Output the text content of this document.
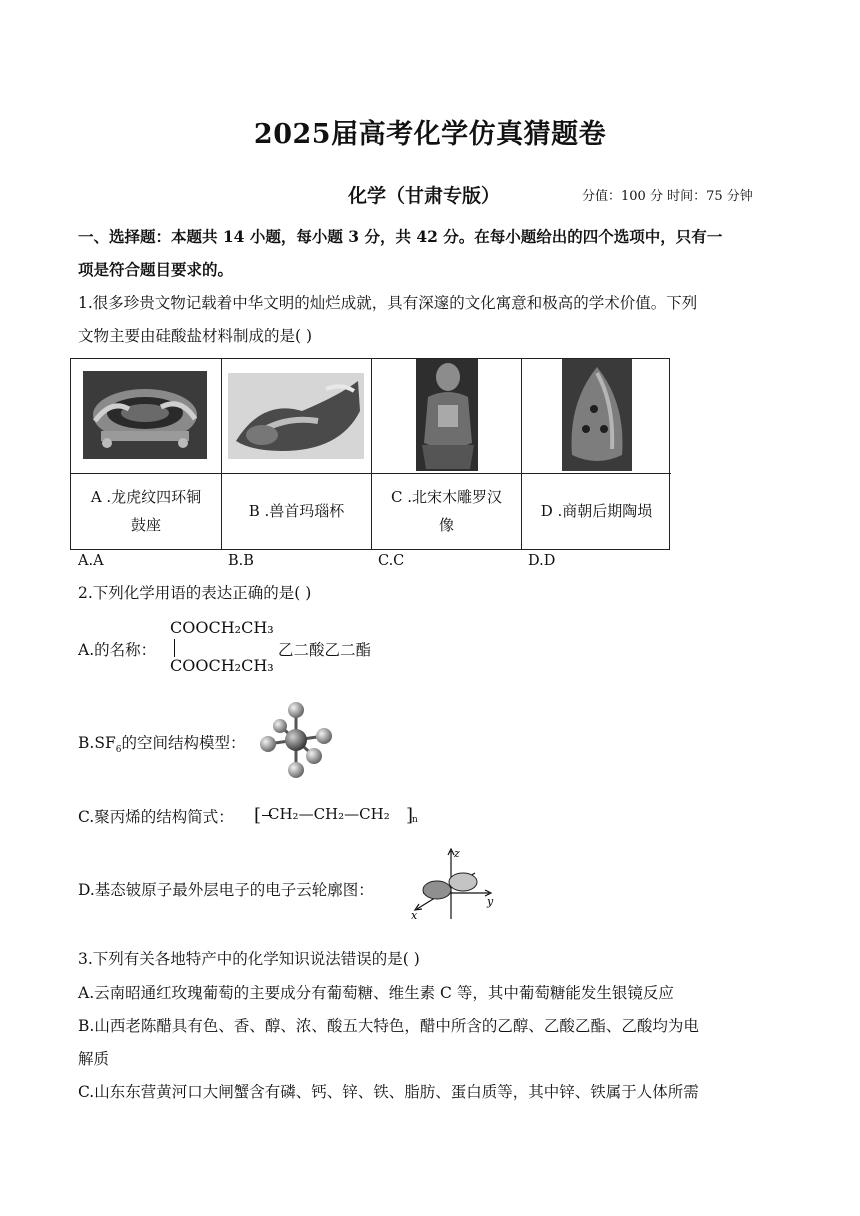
2025届高考化学仿真猜题卷
化学（甘肃专版）	分值：100 分 时间：75 分钟
一、选择题：本题共 14 小题，每小题 3 分，共 42 分。在每小题给出的四个选项中，只有一
项是符合题目要求的。
1.很多珍贵文物记载着中华文明的灿烂成就，具有深邃的文化寓意和极高的学术价值。下列
文物主要由硅酸盐材料制成的是( )
A .龙虎纹四环铜
鼓座
B .兽首玛瑙杯
C .北宋木雕罗汉
像
D .商朝后期陶埙
A.A	B.B	C.C	D.D
2.下列化学用语的表达正确的是( )
A.的名称：
COOCH₂CH₃
COOCH₂CH₃
乙二酸乙二酯
$B.SF_6$的空间结构模型：
C.聚丙烯的结构简式： [ CH₂—CH₂—CH₂ ]
n
D.基态铍原子最外层电子的电子云轮廓图：
z
y
x
3.下列有关各地特产中的化学知识说法错误的是( )
A.云南昭通红玫瑰葡萄的主要成分有葡萄糖、维生素 C 等，其中葡萄糖能发生银镜反应
B.山西老陈醋具有色、香、醇、浓、酸五大特色，醋中所含的乙醇、乙酸乙酯、乙酸均为电
解质
C.山东东营黄河口大闸蟹含有磷、钙、锌、铁、脂肪、蛋白质等，其中锌、铁属于人体所需
